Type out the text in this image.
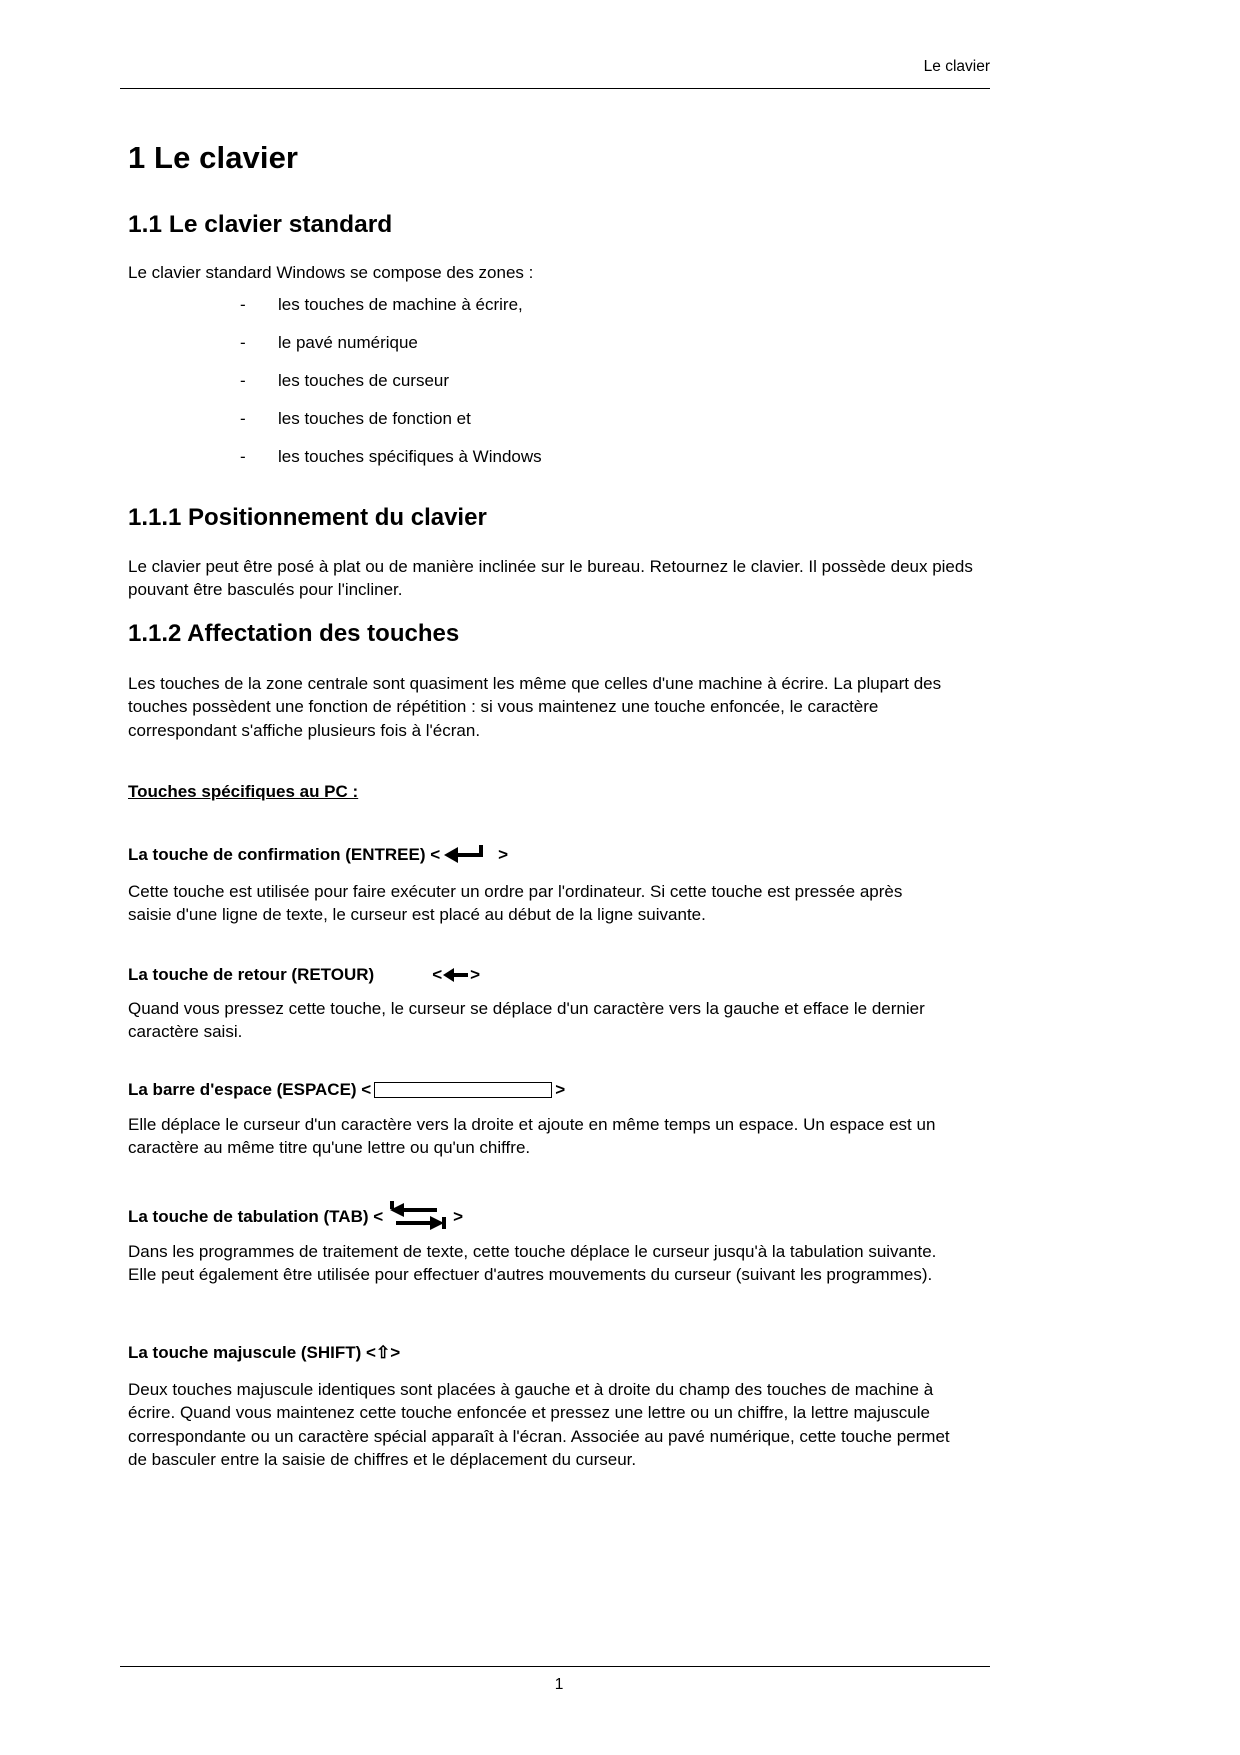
Le clavier
1 Le clavier
1.1 Le clavier standard

Le clavier standard Windows se compose des zones :

-	les touches de machine à écrire,
-	le pavé numérique
-	les touches de curseur
-	les touches de fonction et
-	les touches spécifiques à Windows
1.1.1 Positionnement du clavier

Le clavier peut être posé à plat ou de manière inclinée sur le bureau. Retournez le clavier. Il possède deux pieds pouvant être basculés pour l'incliner.

1.1.2 Affectation des touches

Les touches de la zone centrale sont quasiment les même que celles d'une machine à écrire. La plupart des touches possèdent une fonction de répétition : si vous maintenez une touche enfoncée, le caractère correspondant s'affiche plusieurs fois à l'écran.

Touches spécifiques au PC :
La touche de confirmation (ENTREE) <	>

Cette touche est utilisée pour faire exécuter un ordre par l'ordinateur. Si cette touche est pressée après saisie d'une ligne de texte, le curseur est placé au début de la ligne suivante.

La touche de retour (RETOUR)	< >

Quand vous pressez cette touche, le curseur se déplace d'un caractère vers la gauche et efface le dernier caractère saisi.

La barre d'espace (ESPACE) <	>

Elle déplace le curseur d'un caractère vers la droite et ajoute en même temps un espace. Un espace est un caractère au même titre qu'une lettre ou qu'un chiffre.

La touche de tabulation (TAB) <	>

Dans les programmes de traitement de texte, cette touche déplace le curseur jusqu'à la tabulation suivante. Elle peut également être utilisée pour effectuer d'autres mouvements du curseur (suivant les programmes).

La touche majuscule (SHIFT) < ⇧ >

Deux touches majuscule identiques sont placées à gauche et à droite du champ des touches de machine à écrire. Quand vous maintenez cette touche enfoncée et pressez une lettre ou un chiffre, la lettre majuscule correspondante ou un caractère spécial apparaît à l'écran. Associée au pavé numérique, cette touche permet de basculer entre la saisie de chiffres et le déplacement du curseur.

1
